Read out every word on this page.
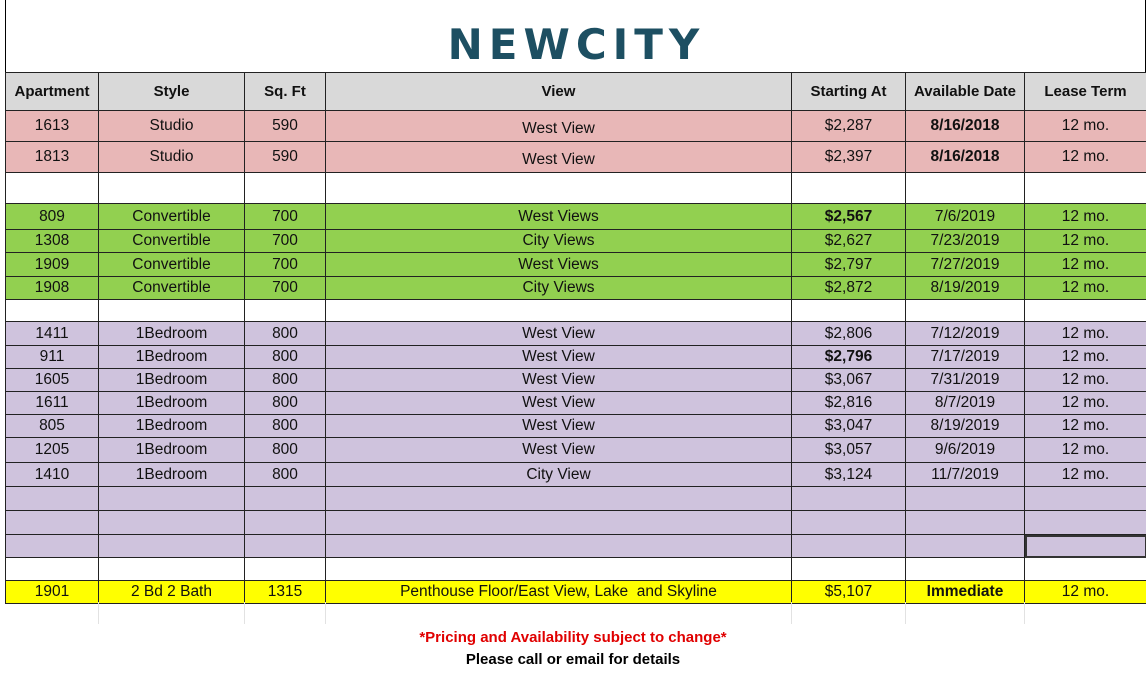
NEWCITY
Apartment	Style	Sq. Ft	View	Starting At	Available Date	Lease Term
1613	Studio	590	West View	$2,287	8/16/2018	12 mo.
1813	Studio	590	West View	$2,397	8/16/2018	12 mo.

809	Convertible	700	West Views	$2,567	7/6/2019	12 mo.
1308	Convertible	700	City Views	$2,627	7/23/2019	12 mo.
1909	Convertible	700	West Views	$2,797	7/27/2019	12 mo.
1908	Convertible	700	City Views	$2,872	8/19/2019	12 mo.

1411	1Bedroom	800	West View	$2,806	7/12/2019	12 mo.
911	1Bedroom	800	West View	$2,796	7/17/2019	12 mo.
1605	1Bedroom	800	West View	$3,067	7/31/2019	12 mo.
1611	1Bedroom	800	West View	$2,816	8/7/2019	12 mo.
805	1Bedroom	800	West View	$3,047	8/19/2019	12 mo.
1205	1Bedroom	800	West View	$3,057	9/6/2019	12 mo.
1410	1Bedroom	800	City View	$3,124	11/7/2019	12 mo.

1901	2 Bd 2 Bath	1315	Penthouse Floor/East View, Lake  and Skyline	$5,107	Immediate	12 mo.
*Pricing and Availability subject to change*
Please call or email for details
